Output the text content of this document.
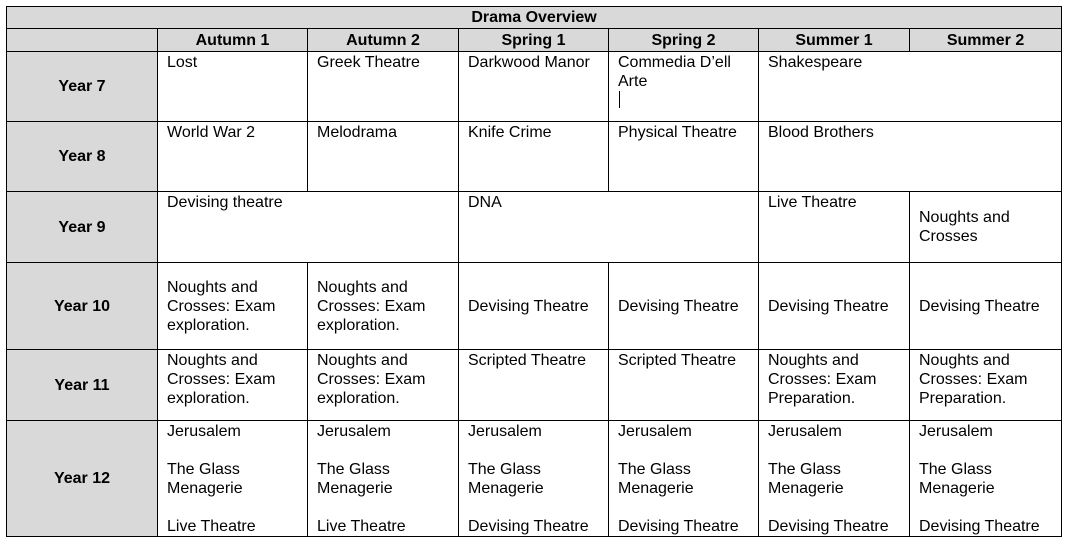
Drama Overview						
	Autumn 1	Autumn 2	Spring 1	Spring 2	Summer 1	Summer 2
Year 7	Lost	Greek Theatre	Darkwood Manor	Commedia D’ell
Arte	Shakespeare	

Year 8	World War 2	Melodrama	Knife Crime	Physical Theatre	Blood Brothers	

Year 9	Devising theatre		DNA		Live Theatre	Noughts and
Crosses

Year 10	Noughts and
Crosses: Exam
exploration.	Noughts and
Crosses: Exam
exploration.	Devising Theatre	Devising Theatre	Devising Theatre	Devising Theatre

Year 11	Noughts and
Crosses: Exam
exploration.	Noughts and
Crosses: Exam
exploration.	Scripted Theatre	Scripted Theatre	Noughts and
Crosses: Exam
Preparation.	Noughts and
Crosses: Exam
Preparation.

Year 12	Jerusalem
The Glass
Menagerie
Live Theatre	Jerusalem
The Glass
Menagerie
Live Theatre	Jerusalem
The Glass
Menagerie
Devising Theatre	Jerusalem
The Glass
Menagerie
Devising Theatre	Jerusalem
The Glass
Menagerie
Devising Theatre	Jerusalem
The Glass
Menagerie
Devising Theatre
